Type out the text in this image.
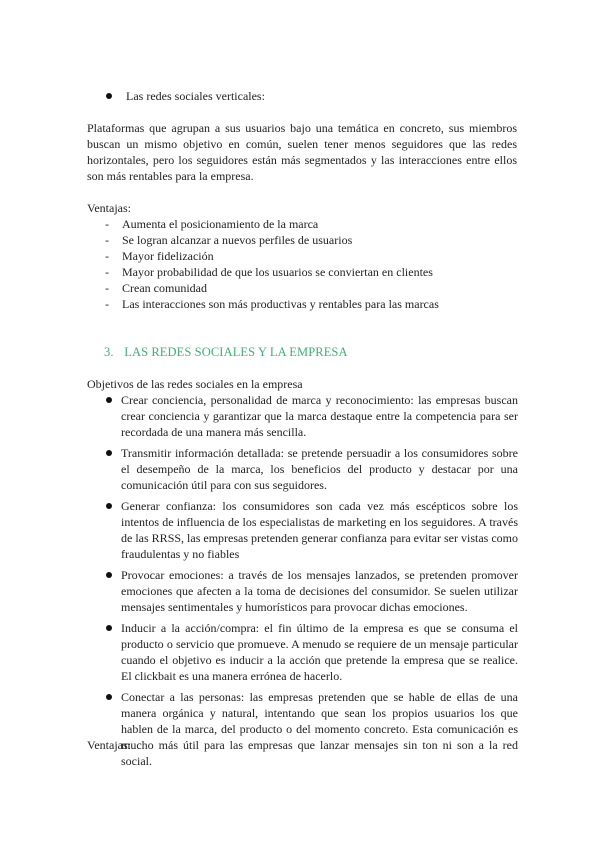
Las redes sociales verticales:

Plataformas que agrupan a sus usuarios bajo una temática en concreto, sus miembros buscan un mismo objetivo en común, suelen tener menos seguidores que las redes horizontales, pero los seguidores están más segmentados y las interacciones entre ellos son más rentables para la empresa.

Ventajas:
- Aumenta el posicionamiento de la marca
- Se logran alcanzar a nuevos perfiles de usuarios
- Mayor fidelización
- Mayor probabilidad de que los usuarios se conviertan en clientes
- Crean comunidad
- Las interacciones son más productivas y rentables para las marcas
3. LAS REDES SOCIALES Y LA EMPRESA
Objetivos de las redes sociales en la empresa
Crear conciencia, personalidad de marca y reconocimiento: las empresas buscan crear conciencia y garantizar que la marca destaque entre la competencia para ser recordada de una manera más sencilla.
Transmitir información detallada: se pretende persuadir a los consumidores sobre el desempeño de la marca, los beneficios del producto y destacar por una comunicación útil para con sus seguidores.
Generar confianza: los consumidores son cada vez más escépticos sobre los intentos de influencia de los especialistas de marketing en los seguidores. A través de las RRSS, las empresas pretenden generar confianza para evitar ser vistas como fraudulentas y no fiables
Provocar emociones: a través de los mensajes lanzados, se pretenden promover emociones que afecten a la toma de decisiones del consumidor. Se suelen utilizar mensajes sentimentales y humorísticos para provocar dichas emociones.
Inducir a la acción/compra: el fin último de la empresa es que se consuma el producto o servicio que promueve. A menudo se requiere de un mensaje particular cuando el objetivo es inducir a la acción que pretende la empresa que se realice. El clickbait es una manera errónea de hacerlo.
Conectar a las personas: las empresas pretenden que se hable de ellas de una manera orgánica y natural, intentando que sean los propios usuarios los que hablen de la marca, del producto o del momento concreto. Esta comunicación es mucho más útil para las empresas que lanzar mensajes sin ton ni son a la red social.
Ventajas:
